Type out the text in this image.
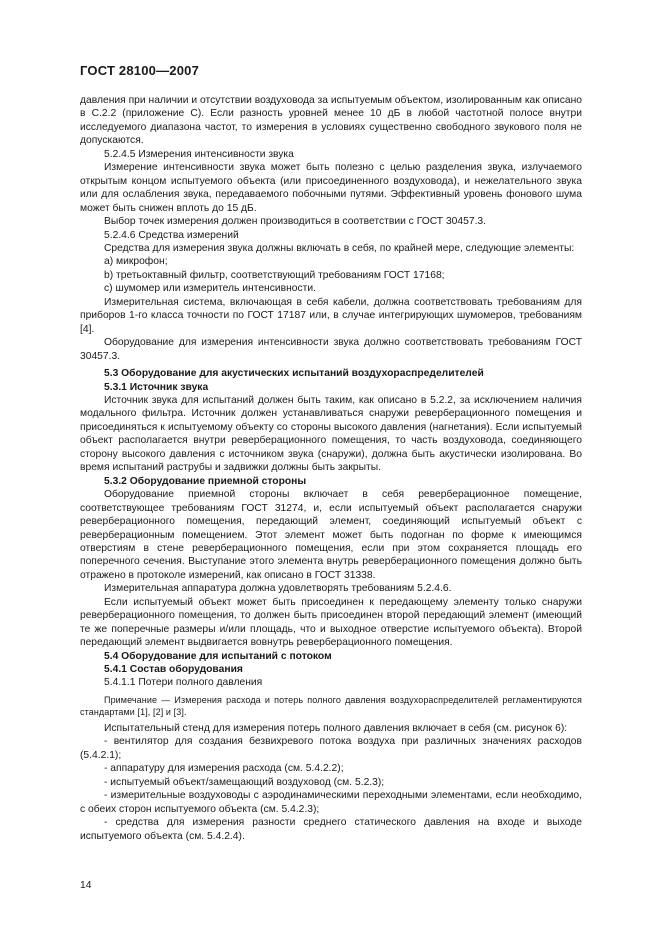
ГОСТ 28100—2007

давления при наличии и отсутствии воздуховода за испытуемым объектом, изолированным как описано в С.2.2 (приложение С). Если разность уровней менее 10 дБ в любой частотной полосе внутри исследуемого диапазона частот, то измерения в условиях существенно свободного звукового поля не допускаются.

5.2.4.5 Измерения интенсивности звука

Измерение интенсивности звука может быть полезно с целью разделения звука, излучаемого открытым концом испытуемого объекта (или присоединенного воздуховода), и нежелательного звука или для ослабления звука, передаваемого побочными путями. Эффективный уровень фонового шума может быть снижен вплоть до 15 дБ.

Выбор точек измерения должен производиться в соответствии с ГОСТ 30457.3.

5.2.4.6 Средства измерений

Средства для измерения звука должны включать в себя, по крайней мере, следующие элементы:

a) микрофон;

b) третьоктавный фильтр, соответствующий требованиям ГОСТ 17168;

c) шумомер или измеритель интенсивности.

Измерительная система, включающая в себя кабели, должна соответствовать требованиям для приборов 1-го класса точности по ГОСТ 17187 или, в случае интегрирующих шумомеров, требованиям [4].

Оборудование для измерения интенсивности звука должно соответствовать требованиям ГОСТ 30457.3.

5.3 Оборудование для акустических испытаний воздухораспределителей

5.3.1 Источник звука

Источник звука для испытаний должен быть таким, как описано в 5.2.2, за исключением наличия модального фильтра. Источник должен устанавливаться снаружи реверберационного помещения и присоединяться к испытуемому объекту со стороны высокого давления (нагнетания). Если испытуемый объект располагается внутри реверберационного помещения, то часть воздуховода, соединяющего сторону высокого давления с источником звука (снаружи), должна быть акустически изолирована. Во время испытаний раструбы и задвижки должны быть закрыты.

5.3.2 Оборудование приемной стороны

Оборудование приемной стороны включает в себя реверберационное помещение, соответствующее требованиям ГОСТ 31274, и, если испытуемый объект располагается снаружи реверберационного помещения, передающий элемент, соединяющий испытуемый объект с реверберационным помещением. Этот элемент может быть подогнан по форме к имеющимся отверстиям в стене реверберационного помещения, если при этом сохраняется площадь его поперечного сечения. Выступание этого элемента внутрь реверберационного помещения должно быть отражено в протоколе измерений, как описано в ГОСТ 31338.

Измерительная аппаратура должна удовлетворять требованиям 5.2.4.6.

Если испытуемый объект может быть присоединен к передающему элементу только снаружи реверберационного помещения, то должен быть присоединен второй передающий элемент (имеющий те же поперечные размеры и/или площадь, что и выходное отверстие испытуемого объекта). Второй передающий элемент выдвигается вовнутрь реверберационного помещения.

5.4 Оборудование для испытаний с потоком

5.4.1 Состав оборудования

5.4.1.1 Потери полного давления

Примечание — Измерения расхода и потерь полного давления воздухораспределителей регламентируются стандартами [1], [2] и [3].

Испытательный стенд для измерения потерь полного давления включает в себя (см. рисунок 6):

- вентилятор для создания безвихревого потока воздуха при различных значениях расходов (5.4.2.1);

- аппаратуру для измерения расхода (см. 5.4.2.2);

- испытуемый объект/замещающий воздуховод (см. 5.2.3);

- измерительные воздуховоды с аэродинамическими переходными элементами, если необходимо, с обеих сторон испытуемого объекта (см. 5.4.2.3);

- средства для измерения разности среднего статического давления на входе и выходе испытуемого объекта (см. 5.4.2.4).

14
